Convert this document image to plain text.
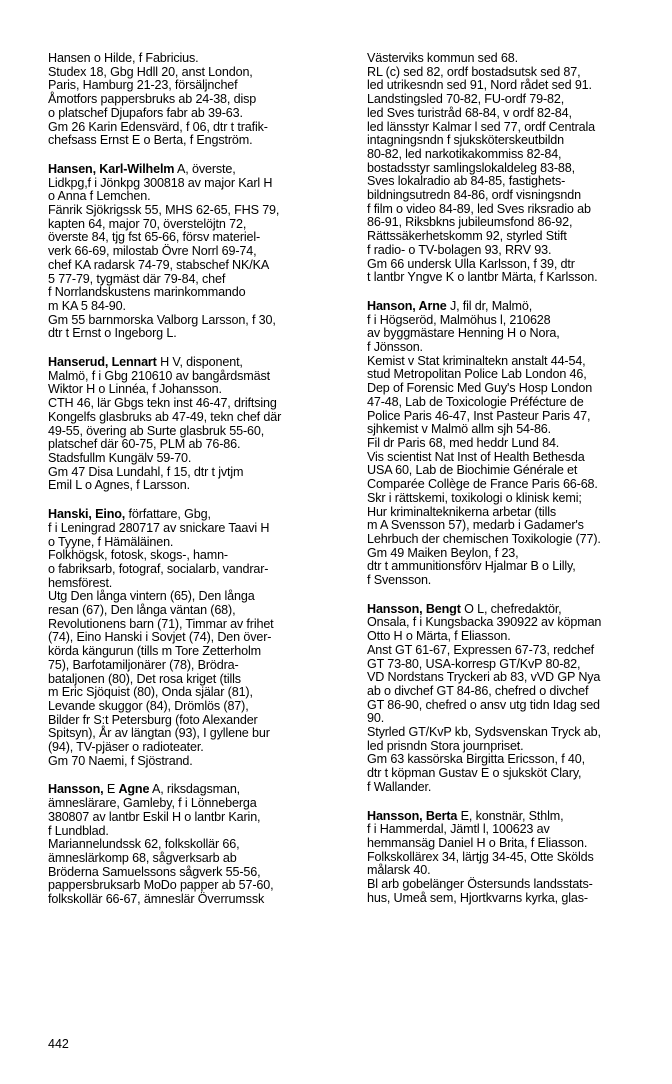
Hansen o Hilde, f Fabricius.
Studex 18, Gbg Hdll 20, anst London,
Paris, Hamburg 21-23, försäljnchef
Åmotfors pappersbruks ab 24-38, disp
o platschef Djupafors fabr ab 39-63.
Gm 26 Karin Edensvärd, f 06, dtr t trafik-
chefsass Ernst E o Berta, f Engström.
Hansen, Karl-Wilhelm A, överste,
Lidkpg,f i Jönkpg 300818 av major Karl H
o Anna f Lemchen.
Fänrik Sjökrigssk 55, MHS 62-65, FHS 79,
kapten 64, major 70, överstelöjtn 72,
överste 84, tjg fst 65-66, försv materiel-
verk 66-69, milostab Övre Norrl 69-74,
chef KA radarsk 74-79, stabschef NK/KA
5 77-79, tygmäst där 79-84, chef
f Norrlandskustens marinkommando
m KA 5 84-90.
Gm 55 barnmorska Valborg Larsson, f 30,
dtr t Ernst o Ingeborg L.
Hanserud, Lennart H V, disponent,
Malmö, f i Gbg 210610 av bangårdsmäst
Wiktor H o Linnéa, f Johansson.
CTH 46, lär Gbgs tekn inst 46-47, driftsing
Kongelfs glasbruks ab 47-49, tekn chef där
49-55, övering ab Surte glasbruk 55-60,
platschef där 60-75, PLM ab 76-86.
Stadsfullm Kungälv 59-70.
Gm 47 Disa Lundahl, f 15, dtr t jvtjm
Emil L o Agnes, f Larsson.
Hanski, Eino, författare, Gbg,
f i Leningrad 280717 av snickare Taavi H
o Tyyne, f Hämäläinen.
Folkhögsk, fotosk, skogs-, hamn-
o fabriksarb, fotograf, socialarb, vandrar-
hemsförest.
Utg Den långa vintern (65), Den långa
resan (67), Den långa väntan (68),
Revolutionens barn (71), Timmar av frihet
(74), Eino Hanski i Sovjet (74), Den över-
körda kängurun (tills m Tore Zetterholm
75), Barfotamiljonärer (78), Brödra-
bataljonen (80), Det rosa kriget (tills
m Eric Sjöquist (80), Onda själar (81),
Levande skuggor (84), Drömlös (87),
Bilder fr S:t Petersburg (foto Alexander
Spitsyn), År av längtan (93), I gyllene bur
(94), TV-pjäser o radioteater.
Gm 70 Naemi, f Sjöstrand.
Hansson, E Agne A, riksdagsman,
ämneslärare, Gamleby, f i Lönneberga
380807 av lantbr Eskil H o lantbr Karin,
f Lundblad.
Mariannelundssk 62, folkskollär 66,
ämneslärkomp 68, sågverksarb ab
Bröderna Samuelssons sågverk 55-56,
pappersbruksarb MoDo papper ab 57-60,
folkskollär 66-67, ämneslär Överrumssk
Västerviks kommun sed 68.
RL (c) sed 82, ordf bostadsutsk sed 87,
led utrikesndn sed 91, Nord rådet sed 91.
Landstingsled 70-82, FU-ordf 79-82,
led Sves turistråd 68-84, v ordf 82-84,
led länsstyr Kalmar l sed 77, ordf Centrala
intagningsndn f sjuksköterskeutbildn
80-82, led narkotikakommiss 82-84,
bostadsstyr samlingslokaldeleg 83-88,
Sves lokalradio ab 84-85, fastighets-
bildningsutredn 84-86, ordf visningsndn
f film o video 84-89, led Sves riksradio ab
86-91, Riksbkns jubileumsfond 86-92,
Rättssäkerhetskomm 92, styrled Stift
f radio- o TV-bolagen 93, RRV 93.
Gm 66 undersk Ulla Karlsson, f 39, dtr
t lantbr Yngve K o lantbr Märta, f Karlsson.
Hanson, Arne J, fil dr, Malmö,
f i Högseröd, Malmöhus l, 210628
av byggmästare Henning H o Nora,
f Jönsson.
Kemist v Stat kriminaltekn anstalt 44-54,
stud Metropolitan Police Lab London 46,
Dep of Forensic Med Guy's Hosp London
47-48, Lab de Toxicologie Préfécture de
Police Paris 46-47, Inst Pasteur Paris 47,
sjhkemist v Malmö allm sjh 54-86.
Fil dr Paris 68, med heddr Lund 84.
Vis scientist Nat Inst of Health Bethesda
USA 60, Lab de Biochimie Générale et
Comparée Collège de France Paris 66-68.
Skr i rättskemi, toxikologi o klinisk kemi;
Hur kriminalteknikerna arbetar (tills
m A Svensson 57), medarb i Gadamer's
Lehrbuch der chemischen Toxikologie (77).
Gm 49 Maiken Beylon, f 23,
dtr t ammunitionsförv Hjalmar B o Lilly,
f Svensson.
Hansson, Bengt O L, chefredaktör,
Onsala, f i Kungsbacka 390922 av köpman
Otto H o Märta, f Eliasson.
Anst GT 61-67, Expressen 67-73, redchef
GT 73-80, USA-korresp GT/KvP 80-82,
VD Nordstans Tryckeri ab 83, vVD GP Nya
ab o divchef GT 84-86, chefred o divchef
GT 86-90, chefred o ansv utg tidn Idag sed
90.
Styrled GT/KvP kb, Sydsvenskan Tryck ab,
led prisndn Stora journpriset.
Gm 63 kassörska Birgitta Ericsson, f 40,
dtr t köpman Gustav E o sjuksköt Clary,
f Wallander.
Hansson, Berta E, konstnär, Sthlm,
f i Hammerdal, Jämtl l, 100623 av
hemmansäg Daniel H o Brita, f Eliasson.
Folkskollärex 34, lärtjg 34-45, Otte Skölds
målarsk 40.
Bl arb gobelänger Östersunds landsstats-
hus, Umeå sem, Hjortkvarns kyrka, glas-
442
